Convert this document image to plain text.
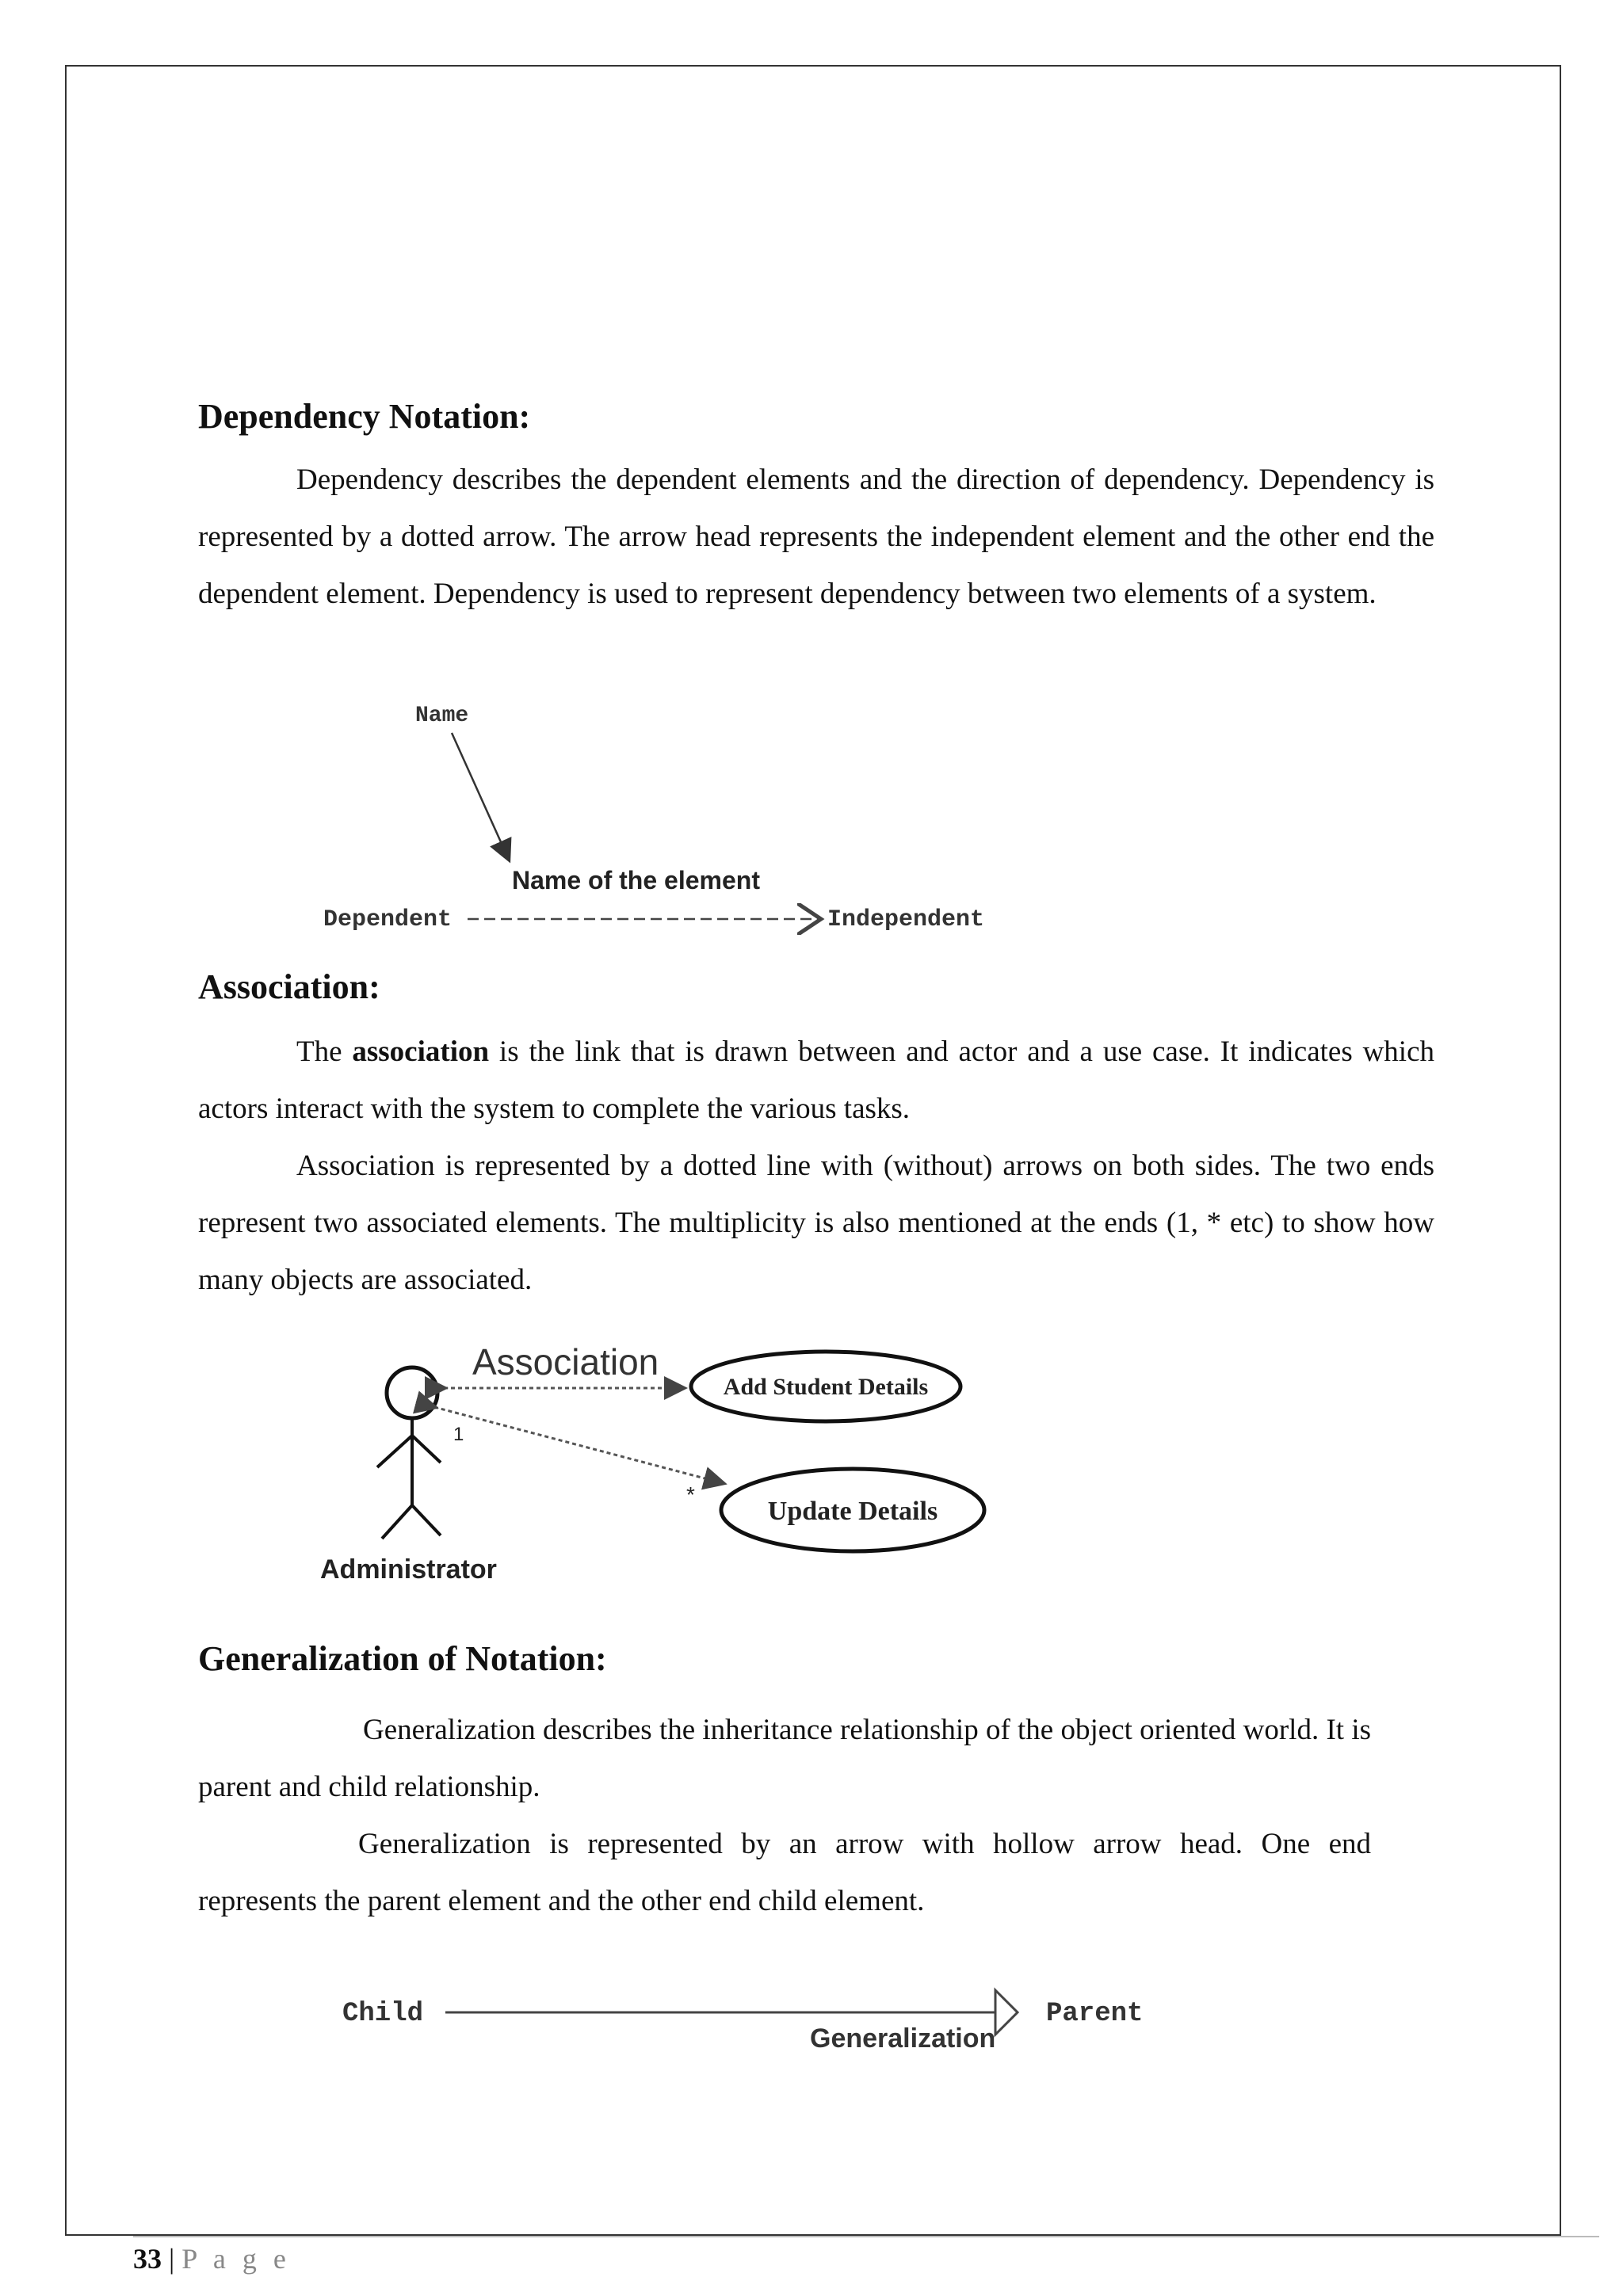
Dependency Notation:

Dependency describes the dependent elements and the direction of dependency. Dependency is represented by a dotted arrow. The arrow head represents the independent element and the other end the dependent element. Dependency is used to represent dependency between two elements of a system.

Name
Name of the element
Dependent	Independent
Association:

The association is the link that is drawn between and actor and a use case. It indicates which actors interact with the system to complete the various tasks.

Association is represented by a dotted line with (without) arrows on both sides. The two ends represent two associated elements. The multiplicity is also mentioned at the ends (1, * etc) to show how many objects are associated.

Administrator
Association
1
*
Add Student Details
Update Details
Generalization of Notation:

Generalization describes the inheritance relationship of the object oriented world. It is parent and child relationship.

Generalization is represented by an arrow with hollow arrow head. One end represents the parent element and the other end child element.

Child	Parent
Generalization
33 | P a g e
